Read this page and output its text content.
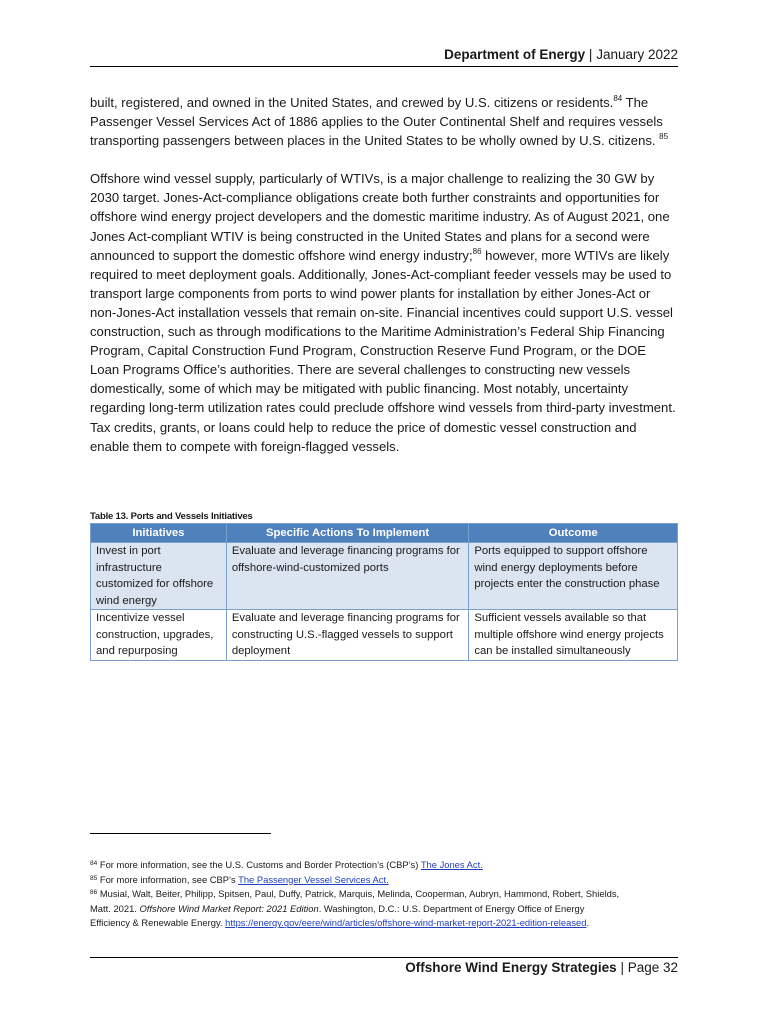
Department of Energy | January 2022

built, registered, and owned in the United States, and crewed by U.S. citizens or residents.$^{84}$ The Passenger Vessel Services Act of 1886 applies to the Outer Continental Shelf and requires vessels transporting passengers between places in the United States to be wholly owned by U.S. citizens. $^{85}$

Offshore wind vessel supply, particularly of WTIVs, is a major challenge to realizing the 30 GW by 2030 target. Jones-Act-compliance obligations create both further constraints and opportunities for offshore wind energy project developers and the domestic maritime industry. As of August 2021, one Jones Act-compliant WTIV is being constructed in the United States and plans for a second were announced to support the domestic offshore wind energy industry;$^{86}$ however, more WTIVs are likely required to meet deployment goals. Additionally, Jones-Act-compliant feeder vessels may be used to transport large components from ports to wind power plants for installation by either Jones-Act or non-Jones-Act installation vessels that remain on-site. Financial incentives could support U.S. vessel construction, such as through modifications to the Maritime Administration’s Federal Ship Financing Program, Capital Construction Fund Program, Construction Reserve Fund Program, or the DOE Loan Programs Office’s authorities. There are several challenges to constructing new vessels domestically, some of which may be mitigated with public financing. Most notably, uncertainty regarding long-term utilization rates could preclude offshore wind vessels from third-party investment. Tax credits, grants, or loans could help to reduce the price of domestic vessel construction and enable them to compete with foreign-flagged vessels.

Table 13. Ports and Vessels Initiatives
Initiatives	Specific Actions To Implement	Outcome
Invest in port infrastructure customized for offshore wind energy	Evaluate and leverage financing programs for offshore-wind-customized ports	Ports equipped to support offshore wind energy deployments before projects enter the construction phase
Incentivize vessel construction, upgrades, and repurposing	Evaluate and leverage financing programs for constructing U.S.-flagged vessels to support deployment	Sufficient vessels available so that multiple offshore wind energy projects can be installed simultaneously
$^{84}$ For more information, see the U.S. Customs and Border Protection’s (CBP’s) The Jones Act.
$^{85}$ For more information, see CBP’s The Passenger Vessel Services Act.
$^{86}$ Musial, Walt, Beiter, Philipp, Spitsen, Paul, Duffy, Patrick, Marquis, Melinda, Cooperman, Aubryn, Hammond, Robert, Shields,
Matt. 2021. Offshore Wind Market Report: 2021 Edition. Washington, D.C.: U.S. Department of Energy Office of Energy
Efficiency & Renewable Energy. https://energy.gov/eere/wind/articles/offshore-wind-market-report-2021-edition-released.
Offshore Wind Energy Strategies | Page 32
